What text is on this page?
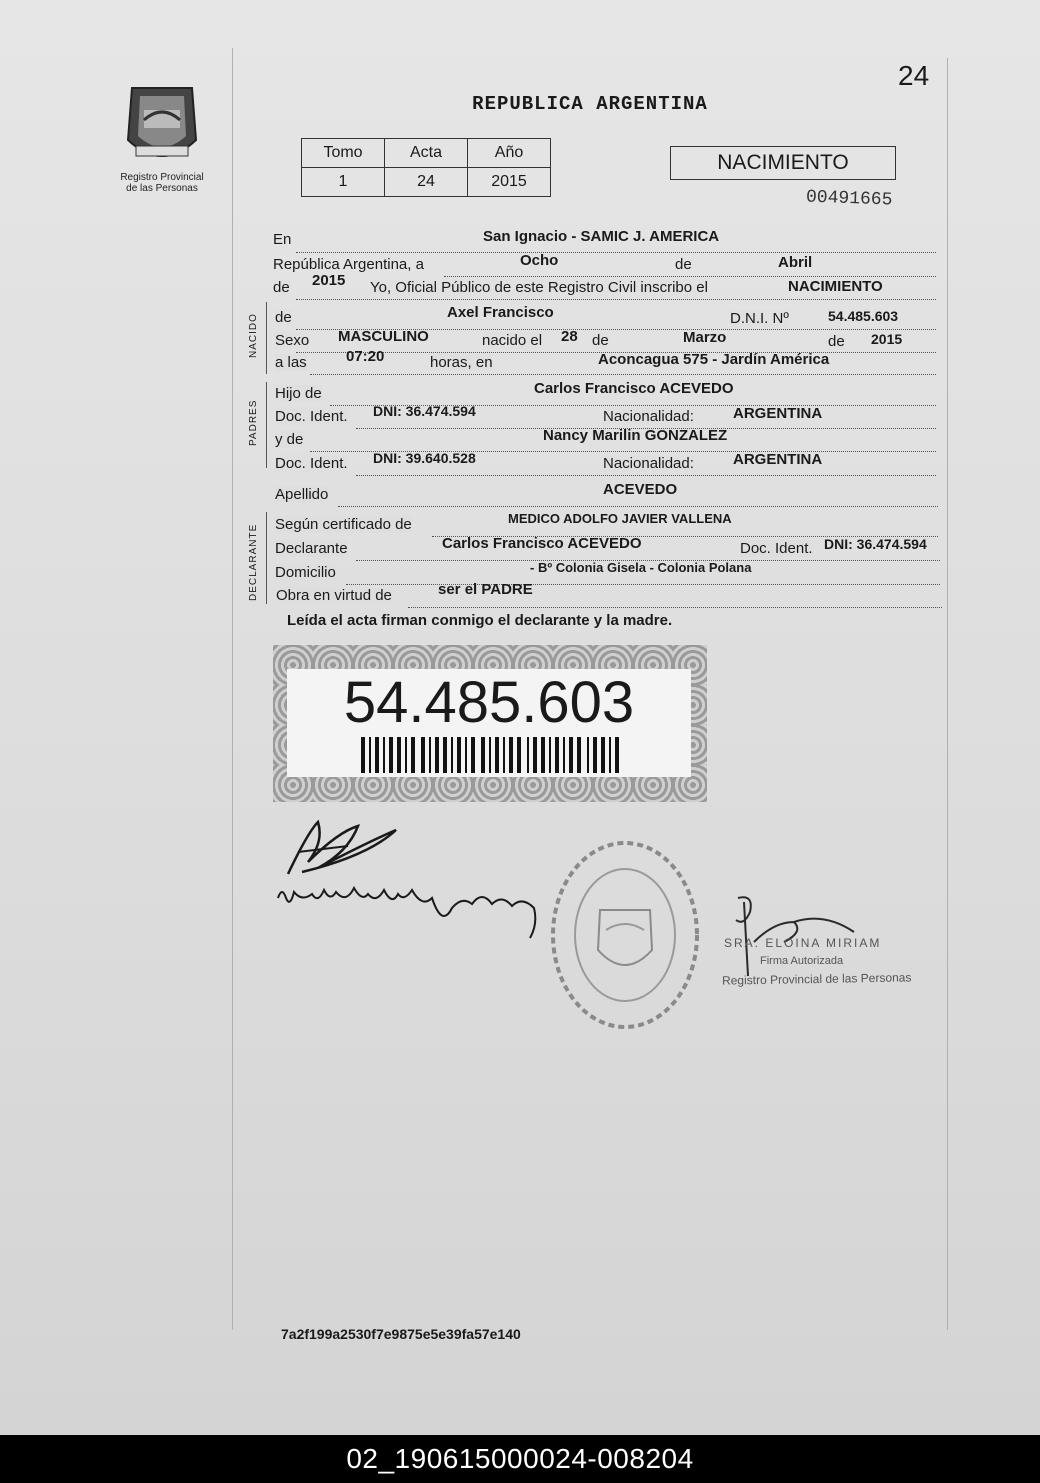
24
Registro Provincial
de las Personas
REPUBLICA ARGENTINA
Tomo	Acta	Año
1	24	2015
NACIMIENTO
00491665
NACIDO
PADRES
DECLARANTE
En	San Ignacio - SAMIC J. AMERICA
República Argentina, a	Ocho	de	Abril
de 2015 Yo, Oficial Público de este Registro Civil inscribo el	NACIMIENTO
de	Axel Francisco	D.N.I. Nº	54.485.603
Sexo MASCULINO	nacido el 28 de	Marzo	de 2015
a las	07:20	horas, en	Aconcagua 575 - Jardín América
Hijo de	Carlos Francisco ACEVEDO
Doc. Ident. DNI: 36.474.594	Nacionalidad:	ARGENTINA
y de	Nancy Marilin GONZALEZ
Doc. Ident. DNI: 39.640.528	Nacionalidad:	ARGENTINA
Apellido	ACEVEDO
Según certificado de	MEDICO ADOLFO JAVIER VALLENA
Declarante	Carlos Francisco ACEVEDO	Doc. Ident. DNI: 36.474.594
Domicilio	- Bº Colonia Gisela - Colonia Polana
Obra en virtud de	ser el PADRE
Leída el acta firman conmigo el declarante y la madre.
54.485.603
SRA. ELOINA MIRIAM
Firma Autorizada
Registro Provincial de las Personas
7a2f199a2530f7e9875e5e39fa57e140
02_190615000024-008204
